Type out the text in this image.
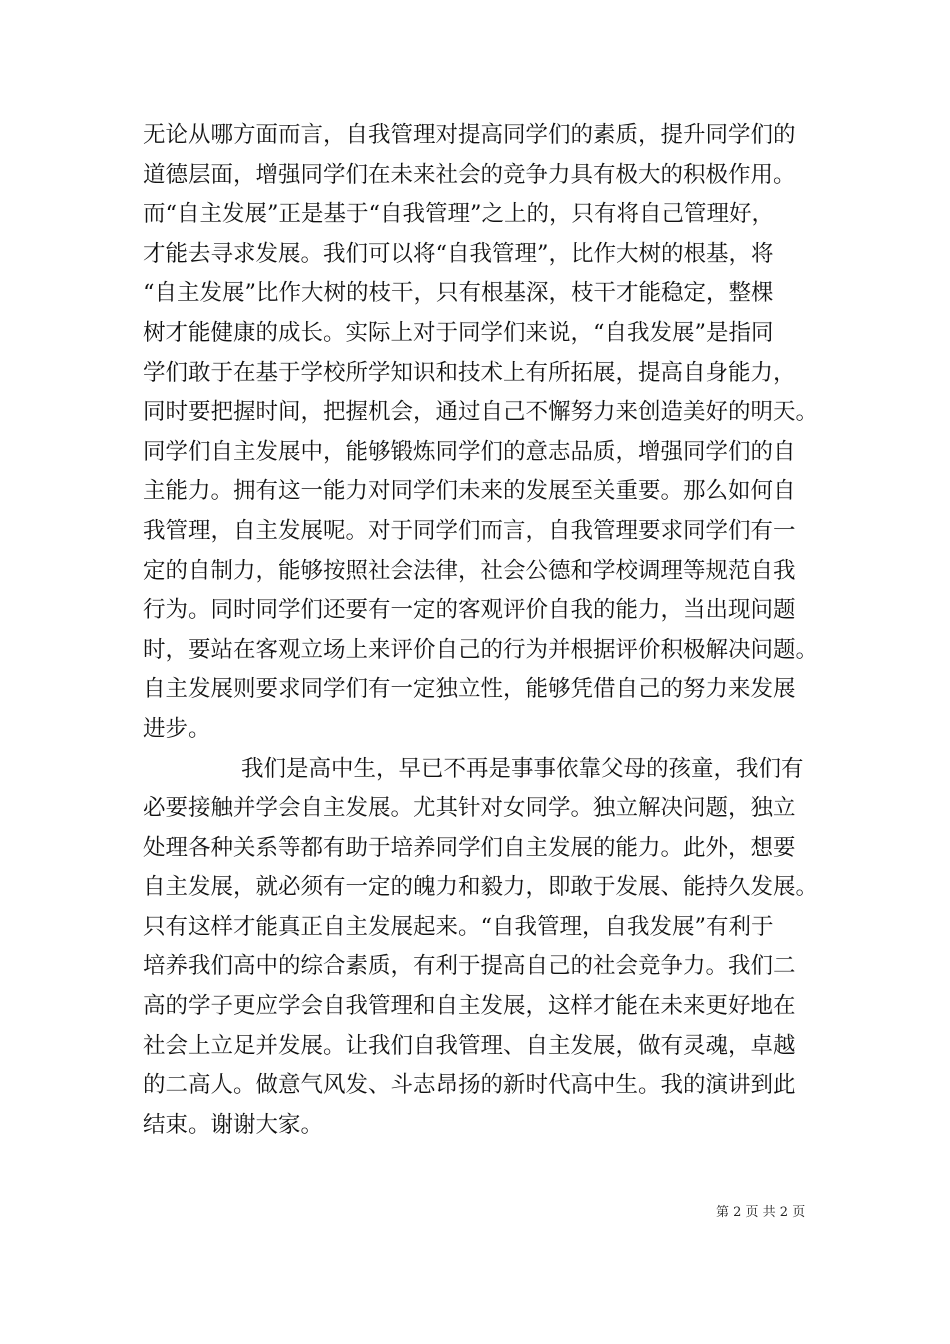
无论从哪方面而言，自我管理对提高同学们的素质，提升同学们的
道德层面，增强同学们在未来社会的竞争力具有极大的积极作用。
而“自主发展”正是基于“自我管理”之上的，只有将自己管理好，
才能去寻求发展。我们可以将“自我管理”，比作大树的根基，将
“自主发展”比作大树的枝干，只有根基深，枝干才能稳定，整棵
树才能健康的成长。实际上对于同学们来说，“自我发展”是指同
学们敢于在基于学校所学知识和技术上有所拓展，提高自身能力，
同时要把握时间，把握机会，通过自己不懈努力来创造美好的明天。
同学们自主发展中，能够锻炼同学们的意志品质，增强同学们的自
主能力。拥有这一能力对同学们未来的发展至关重要。那么如何自
我管理，自主发展呢。对于同学们而言，自我管理要求同学们有一
定的自制力，能够按照社会法律，社会公德和学校调理等规范自我
行为。同时同学们还要有一定的客观评价自我的能力，当出现问题
时，要站在客观立场上来评价自己的行为并根据评价积极解决问题。
自主发展则要求同学们有一定独立性，能够凭借自己的努力来发展
进步。
我们是高中生，早已不再是事事依靠父母的孩童，我们有
必要接触并学会自主发展。尤其针对女同学。独立解决问题，独立
处理各种关系等都有助于培养同学们自主发展的能力。此外，想要
自主发展，就必须有一定的魄力和毅力，即敢于发展、能持久发展。
只有这样才能真正自主发展起来。“自我管理，自我发展”有利于
培养我们高中的综合素质，有利于提高自己的社会竞争力。我们二
高的学子更应学会自我管理和自主发展，这样才能在未来更好地在
社会上立足并发展。让我们自我管理、自主发展，做有灵魂，卓越
的二高人。做意气风发、斗志昂扬的新时代高中生。我的演讲到此
结束。谢谢大家。
第 2 页 共 2 页
